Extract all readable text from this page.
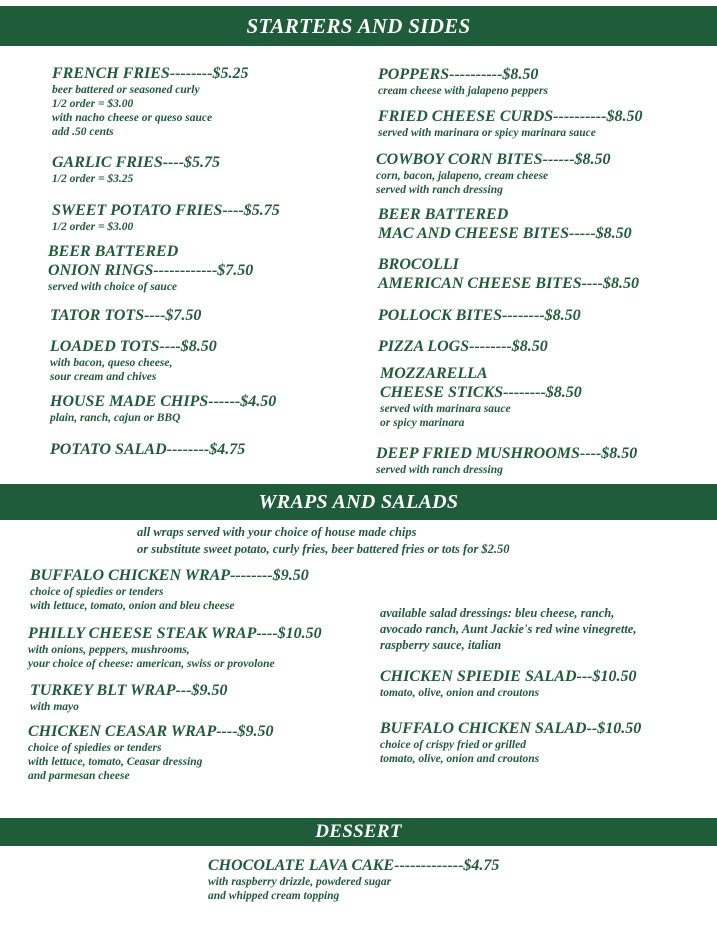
STARTERS AND SIDES
FRENCH FRIES--------$5.25
beer battered or seasoned curly
1/2 order = $3.00
with nacho cheese or queso sauce
add .50 cents
GARLIC FRIES----$5.75
1/2 order = $3.25
SWEET POTATO FRIES----$5.75
1/2 order = $3.00
BEER BATTERED
ONION RINGS------------$7.50
served with choice of sauce
TATOR TOTS----$7.50
LOADED TOTS----$8.50
with bacon, queso cheese,
sour cream and chives
HOUSE MADE CHIPS------$4.50
plain, ranch, cajun or BBQ
POTATO SALAD--------$4.75
POPPERS----------$8.50
cream cheese with jalapeno peppers
FRIED CHEESE CURDS----------$8.50
served with marinara or spicy marinara sauce
COWBOY CORN BITES------$8.50
corn, bacon, jalapeno, cream cheese
served with ranch dressing
BEER BATTERED
MAC AND CHEESE BITES-----$8.50
BROCOLLI
AMERICAN CHEESE BITES----$8.50
POLLOCK BITES--------$8.50
PIZZA LOGS--------$8.50
MOZZARELLA
CHEESE STICKS--------$8.50
served with marinara sauce
or spicy marinara
DEEP FRIED MUSHROOMS----$8.50
served with ranch dressing
WRAPS AND SALADS
all wraps served with your choice of house made chips
or substitute sweet potato, curly fries, beer battered fries or tots for $2.50
BUFFALO CHICKEN WRAP--------$9.50
choice of spiedies or tenders
with lettuce, tomato, onion and bleu cheese
PHILLY CHEESE STEAK WRAP----$10.50
with onions, peppers, mushrooms,
your choice of cheese: american, swiss or provolone
TURKEY BLT WRAP---$9.50
with mayo
CHICKEN CEASAR WRAP----$9.50
choice of spiedies or tenders
with lettuce, tomato, Ceasar dressing
and parmesan cheese
available salad dressings: bleu cheese, ranch,
avocado ranch, Aunt Jackie's red wine vinegrette,
raspberry sauce, italian
CHICKEN SPIEDIE SALAD---$10.50
tomato, olive, onion and croutons
BUFFALO CHICKEN SALAD--$10.50
choice of crispy fried or grilled
tomato, olive, onion and croutons
DESSERT
CHOCOLATE LAVA CAKE-------------$4.75
with raspberry drizzle, powdered sugar
and whipped cream topping
